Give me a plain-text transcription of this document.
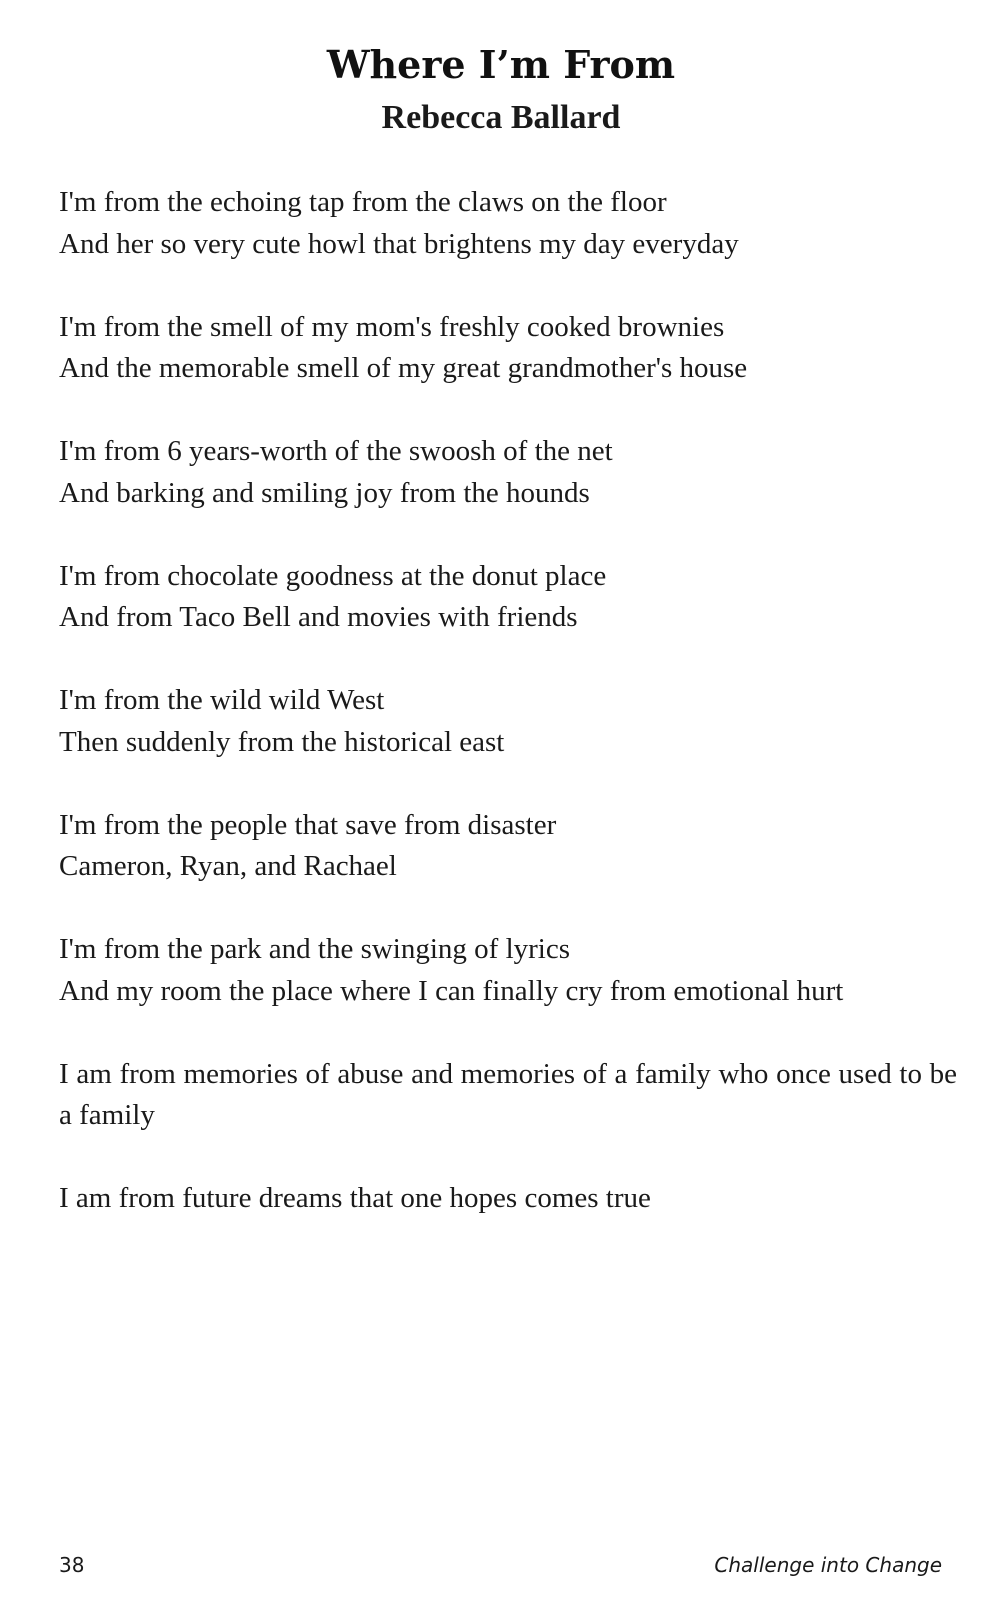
Where I’m From
Rebecca Ballard
I'm from the echoing tap from the claws on the floor
And her so very cute howl that brightens my day everyday
I'm from the smell of my mom's freshly cooked brownies
And the memorable smell of my great grandmother's house
I'm from 6 years-worth of the swoosh of the net
And barking and smiling joy from the hounds
I'm from chocolate goodness at the donut place
And from Taco Bell and movies with friends
I'm from the wild wild West
Then suddenly from the historical east
I'm from the people that save from disaster
Cameron, Ryan, and Rachael
I'm from the park and the swinging of lyrics
And my room the place where I can finally cry from emotional hurt
I am from memories of abuse and memories of a family who once used to be a family
I am from future dreams that one hopes comes true
38	Challenge into Change
